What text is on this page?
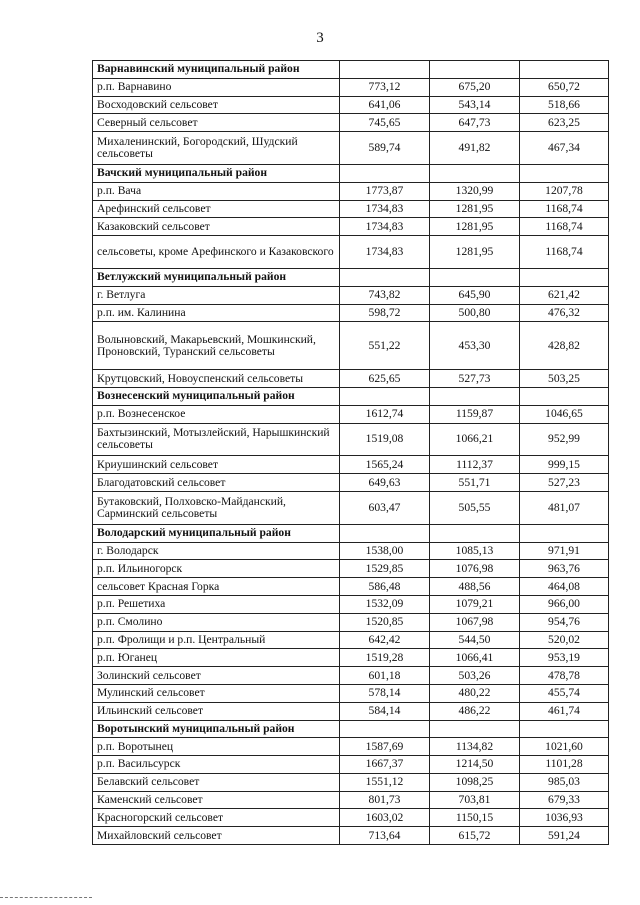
3
Варнавинский муниципальный район			
р.п. Варнавино	773,12	675,20	650,72
Восходовский сельсовет	641,06	543,14	518,66
Северный сельсовет	745,65	647,73	623,25
Михаленинский, Богородский, Шудский сельсоветы	589,74	491,82	467,34
Вачский муниципальный район			
р.п. Вача	1773,87	1320,99	1207,78
Арефинский сельсовет	1734,83	1281,95	1168,74
Казаковский сельсовет	1734,83	1281,95	1168,74
сельсоветы, кроме Арефинского и Казаковского	1734,83	1281,95	1168,74
Ветлужский муниципальный район			
г. Ветлуга	743,82	645,90	621,42
р.п. им. Калинина	598,72	500,80	476,32
Волыновский, Макарьевский, Мошкинский, Проновский, Туранский сельсоветы	551,22	453,30	428,82
Крутцовский, Новоуспенский сельсоветы	625,65	527,73	503,25
Вознесенский муниципальный район			
р.п. Вознесенское	1612,74	1159,87	1046,65
Бахтызинский, Мотызлейский, Нарышкинский сельсоветы	1519,08	1066,21	952,99
Криушинский сельсовет	1565,24	1112,37	999,15
Благодатовский сельсовет	649,63	551,71	527,23
Бутаковский, Полховско-Майданский, Сарминский сельсоветы	603,47	505,55	481,07
Володарский муниципальный район			
г. Володарск	1538,00	1085,13	971,91
р.п. Ильиногорск	1529,85	1076,98	963,76
сельсовет Красная Горка	586,48	488,56	464,08
р.п. Решетиха	1532,09	1079,21	966,00
р.п. Смолино	1520,85	1067,98	954,76
р.п. Фролищи и р.п. Центральный	642,42	544,50	520,02
р.п. Юганец	1519,28	1066,41	953,19
Золинский сельсовет	601,18	503,26	478,78
Мулинский сельсовет	578,14	480,22	455,74
Ильинский сельсовет	584,14	486,22	461,74
Воротынский муниципальный район			
р.п. Воротынец	1587,69	1134,82	1021,60
р.п. Васильсурск	1667,37	1214,50	1101,28
Белавский сельсовет	1551,12	1098,25	985,03
Каменский сельсовет	801,73	703,81	679,33
Красногорский сельсовет	1603,02	1150,15	1036,93
Михайловский сельсовет	713,64	615,72	591,24
